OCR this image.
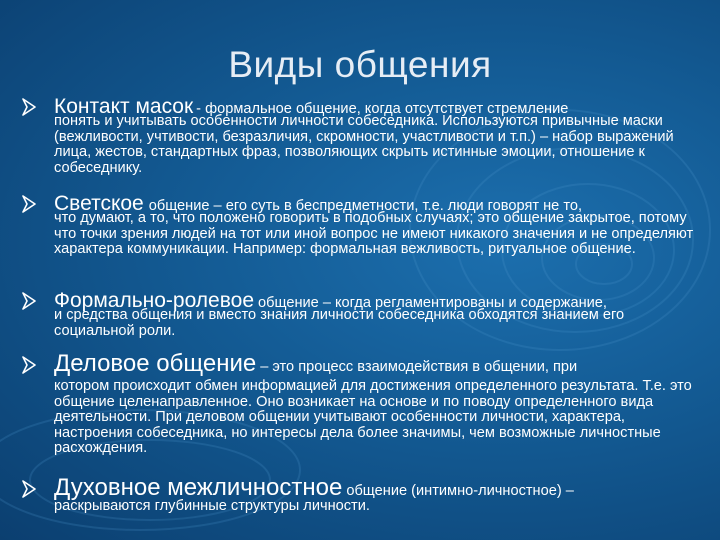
Виды общения
Контакт масок - формальное общение, когда отсутствует стремление
понять и учитывать особенности личности собеседника. Используются привычные маски (вежливости, учтивости, безразличия, скромности, участливости и т.п.) – набор выражений лица, жестов, стандартных фраз, позволяющих скрыть истинные эмоции, отношение к собеседнику.
Светское общение – его суть в беспредметности, т.е. люди говорят не то,
что думают, а то, что положено говорить в подобных случаях; это общение закрытое, потому что точки зрения людей на тот или иной вопрос не имеют никакого значения и не определяют характера коммуникации. Например: формальная вежливость, ритуальное общение.
Формально-ролевое общение – когда регламентированы и содержание,
и средства общения и вместо знания личности собеседника обходятся знанием его социальной роли.
Деловое общение – это процесс взаимодействия в общении, при
котором происходит обмен информацией для достижения определенного результата. Т.е. это общение целенаправленное. Оно возникает на основе и по поводу определенного вида деятельности. При деловом общении учитывают особенности личности, характера, настроения собеседника, но интересы дела более значимы, чем возможные личностные расхождения.
Духовное межличностное общение (интимно-личностное) –
раскрываются глубинные структуры личности.
